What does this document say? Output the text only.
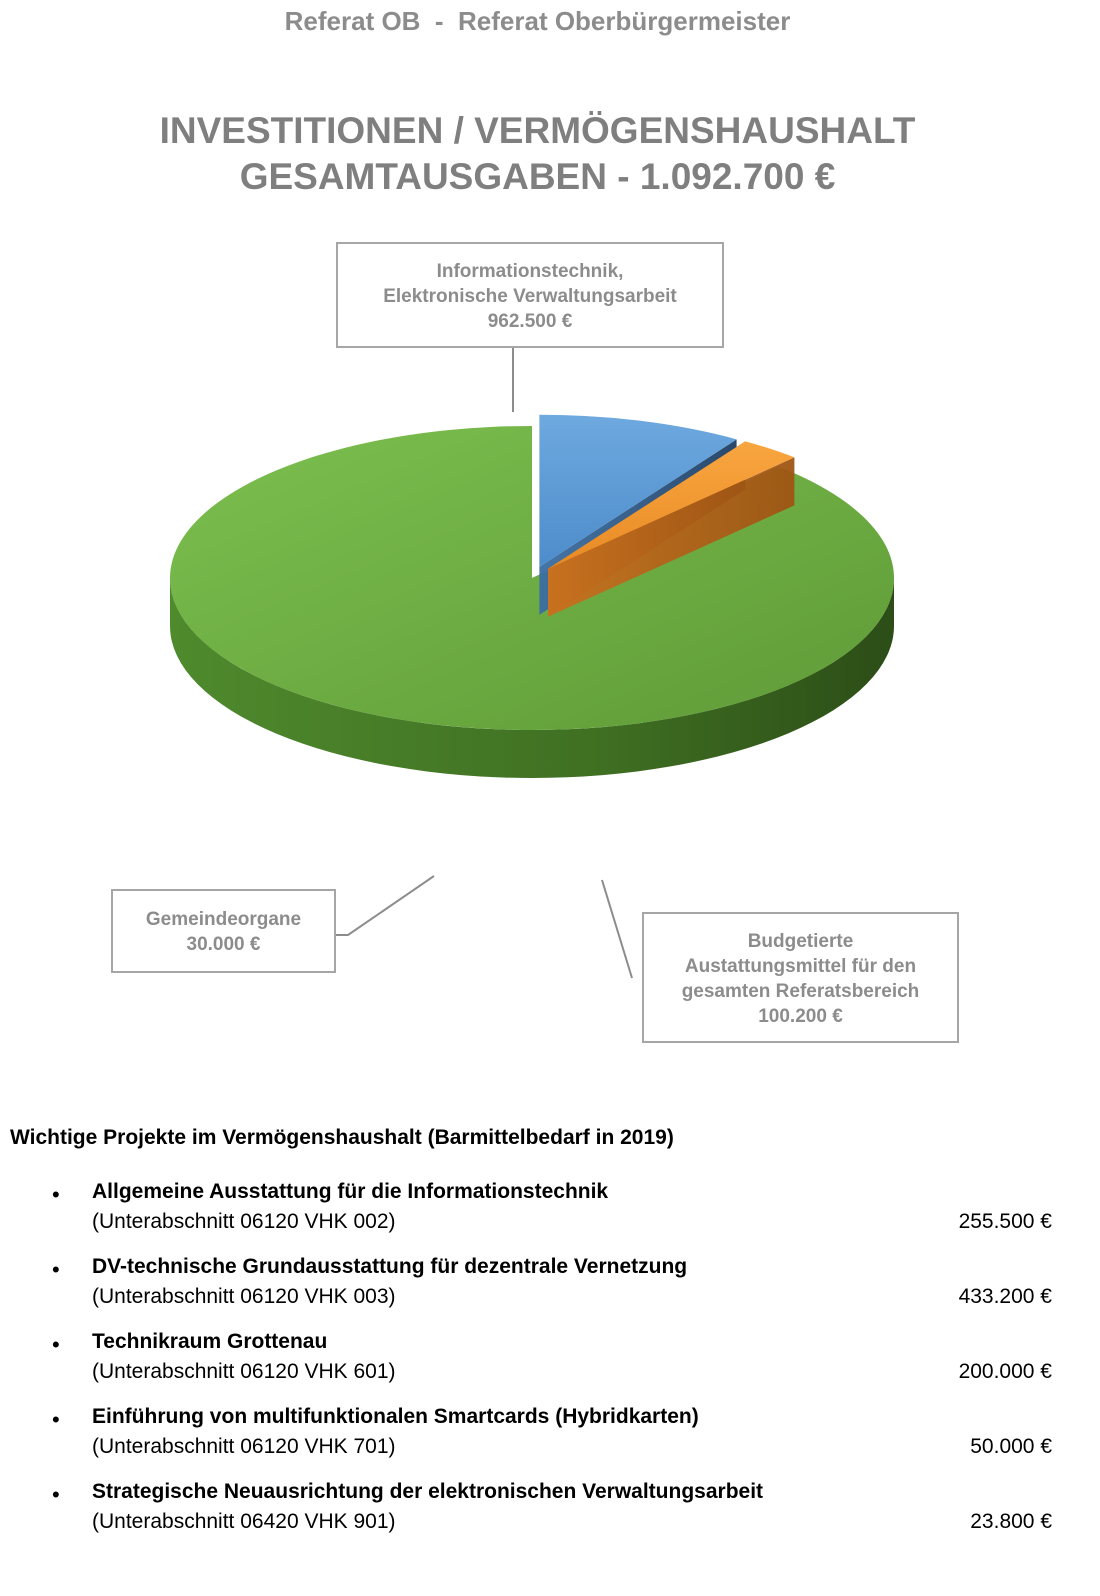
Referat OB  -  Referat Oberbürgermeister
INVESTITIONEN / VERMÖGENSHAUSHALT
GESAMTAUSGABEN - 1.092.700 €
Informationstechnik,
Elektronische Verwaltungsarbeit
962.500 €
Gemeindeorgane
30.000 €	Budgetierte
Austattungsmittel für den
gesamten Referatsbereich
100.200 €
Wichtige Projekte im Vermögenshaushalt (Barmittelbedarf in 2019)
• Allgemeine Ausstattung für die Informationstechnik
(Unterabschnitt 06120 VHK 002)	255.500 €
• DV-technische Grundausstattung für dezentrale Vernetzung
(Unterabschnitt 06120 VHK 003)	433.200 €
• Technikraum Grottenau
(Unterabschnitt 06120 VHK 601)	200.000 €
• Einführung von multifunktionalen Smartcards (Hybridkarten)
(Unterabschnitt 06120 VHK 701)	50.000 €
• Strategische Neuausrichtung der elektronischen Verwaltungsarbeit
(Unterabschnitt 06420 VHK 901)	23.800 €
